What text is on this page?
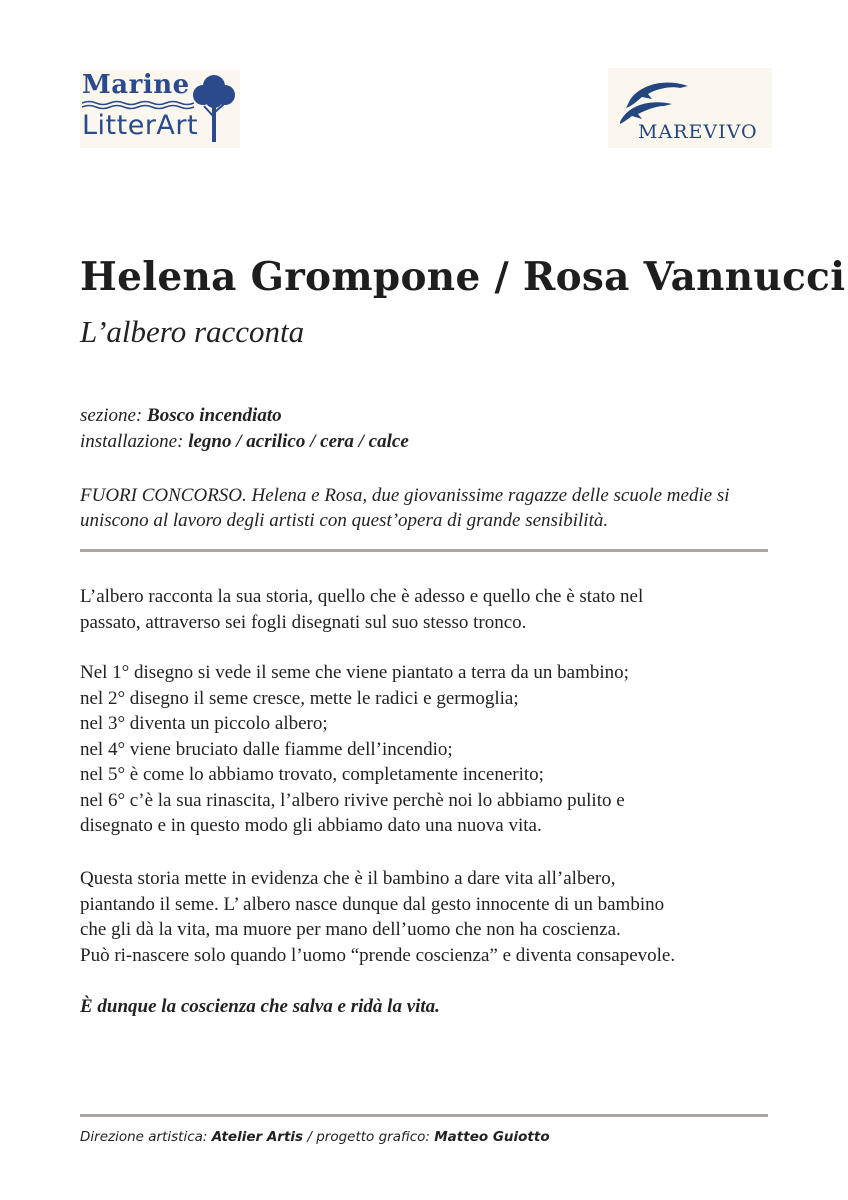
Marine
LitterArt	MAREVIVO
Helena Grompone / Rosa Vannucci
L’albero racconta
sezione: Bosco incendiato
installazione: legno / acrilico / cera / calce
FUORI CONCORSO. Helena e Rosa, due giovanissime ragazze delle scuole medie si uniscono al lavoro degli artisti con quest’opera di grande sensibilità.
L’albero racconta la sua storia, quello che è adesso e quello che è stato nel
passato, attraverso sei fogli disegnati sul suo stesso tronco.
Nel 1° disegno si vede il seme che viene piantato a terra da un bambino;
nel 2° disegno il seme cresce, mette le radici e germoglia;
nel 3° diventa un piccolo albero;
nel 4° viene bruciato dalle fiamme dell’incendio;
nel 5° è come lo abbiamo trovato, completamente incenerito;
nel 6° c’è la sua rinascita, l’albero rivive perchè noi lo abbiamo pulito e
disegnato e in questo modo gli abbiamo dato una nuova vita.
Questa storia mette in evidenza che è il bambino a dare vita all’albero,
piantando il seme. L’ albero nasce dunque dal gesto innocente di un bambino
che gli dà la vita, ma muore per mano dell’uomo che non ha coscienza.
Può ri-nascere solo quando l’uomo “prende coscienza” e diventa consapevole.
È dunque la coscienza che salva e ridà la vita.
Direzione artistica: Atelier Artis / progetto grafico: Matteo Guiotto
